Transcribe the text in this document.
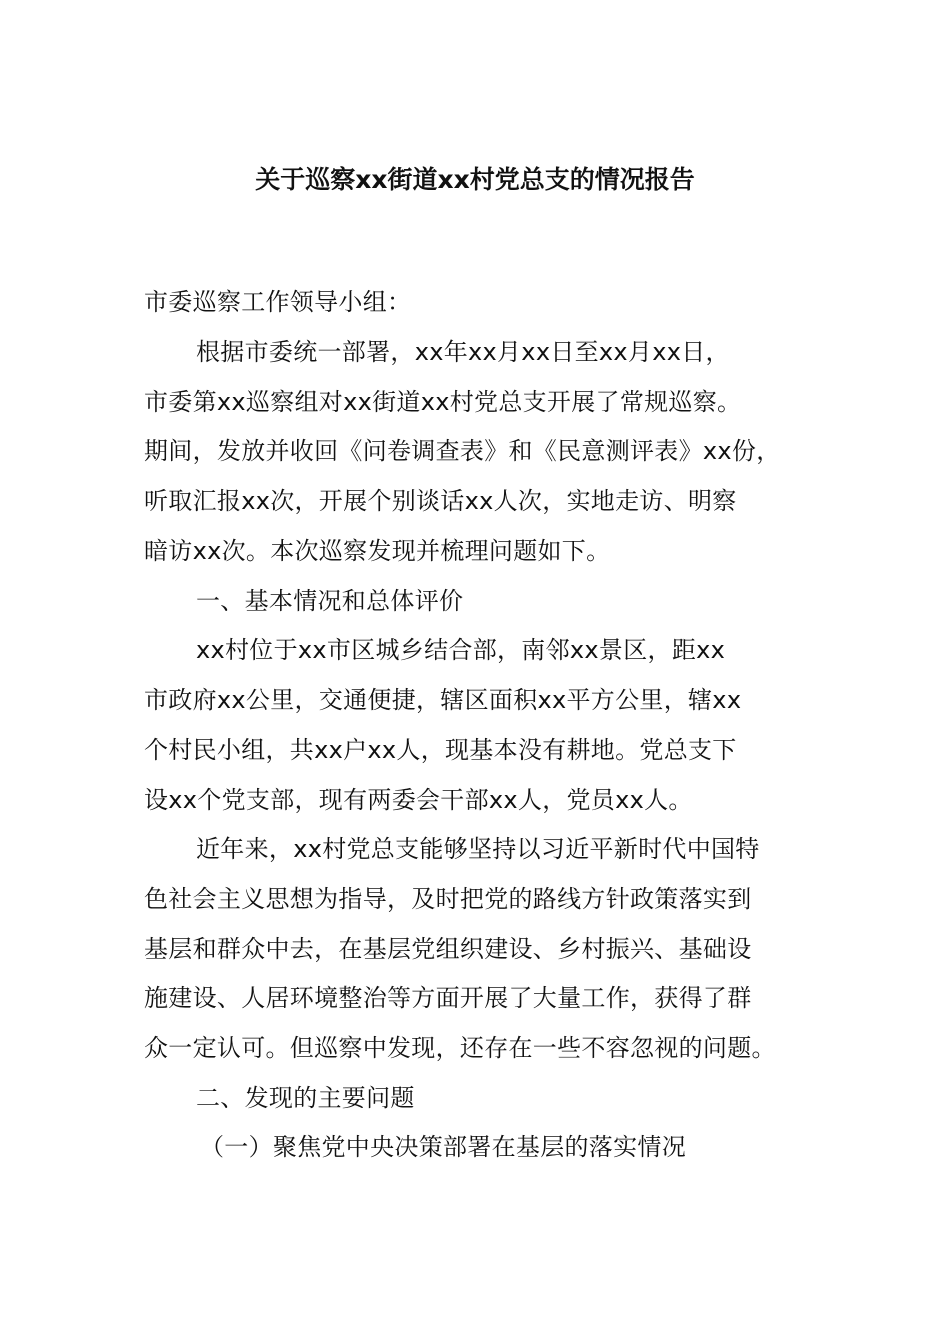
关于巡察xx街道xx村党总支的情况报告
市委巡察工作领导小组：
根据市委统一部署，xx年xx月xx日至xx月xx日，
市委第xx巡察组对xx街道xx村党总支开展了常规巡察。
期间，发放并收回《问卷调查表》和《民意测评表》xx份，
听取汇报xx次，开展个别谈话xx人次，实地走访、明察
暗访xx次。本次巡察发现并梳理问题如下。
一、基本情况和总体评价
xx村位于xx市区城乡结合部，南邻xx景区，距xx
市政府xx公里，交通便捷，辖区面积xx平方公里，辖xx
个村民小组，共xx户xx人，现基本没有耕地。党总支下
设xx个党支部，现有两委会干部xx人，党员xx人。
近年来，xx村党总支能够坚持以习近平新时代中国特
色社会主义思想为指导，及时把党的路线方针政策落实到
基层和群众中去，在基层党组织建设、乡村振兴、基础设
施建设、人居环境整治等方面开展了大量工作，获得了群
众一定认可。但巡察中发现，还存在一些不容忽视的问题。
二、发现的主要问题
（一）聚焦党中央决策部署在基层的落实情况
